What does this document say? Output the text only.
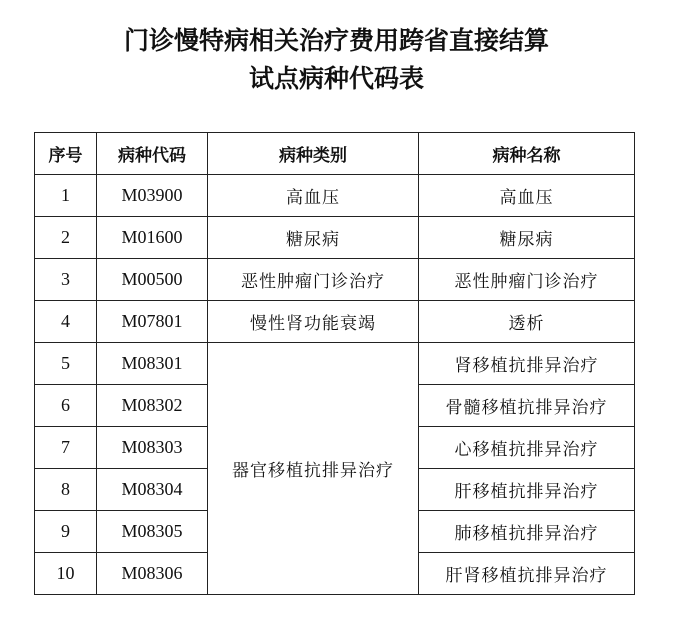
门诊慢特病相关治疗费用跨省直接结算
试点病种代码表
序号	病种代码	病种类别	病种名称
1	M03900	高血压	高血压
2	M01600	糖尿病	糖尿病
3	M00500	恶性肿瘤门诊治疗	恶性肿瘤门诊治疗
4	M07801	慢性肾功能衰竭	透析
5	M08301	器官移植抗排异治疗	肾移植抗排异治疗
6	M08302		骨髓移植抗排异治疗
7	M08303		心移植抗排异治疗
8	M08304		肝移植抗排异治疗
9	M08305		肺移植抗排异治疗
10	M08306		肝肾移植抗排异治疗
